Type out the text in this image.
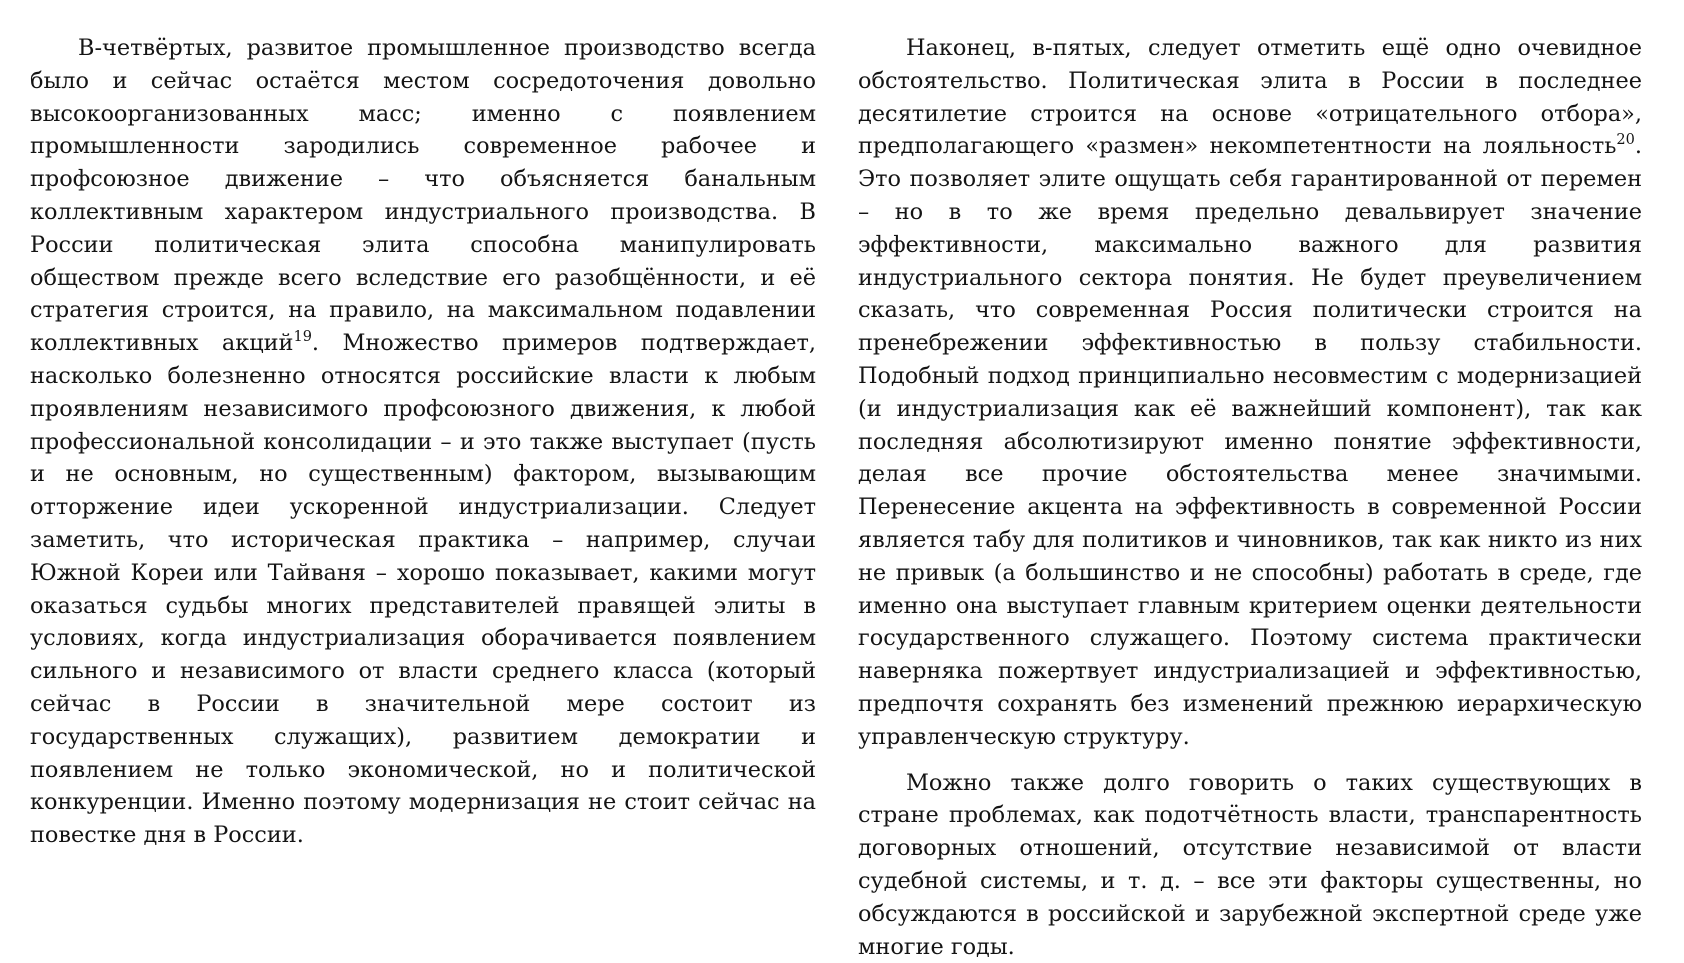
В-четвёртых, развитое промышленное производство всегда было и сейчас остаётся местом сосредоточения довольно высокоорганизованных масс; именно с появлением промышленности зародились современное рабочее и профсоюзное движение – что объясняется банальным коллективным характером индустриального производства. В России политическая элита способна манипулировать обществом прежде всего вследствие его разобщённости, и её стратегия строится, на правило, на максимальном подавлении коллективных акций$^{19}$. Множество примеров подтверждает, насколько болезненно относятся российские власти к любым проявлениям независимого профсоюзного движения, к любой профессиональной консолидации – и это также выступает (пусть и не основным, но существенным) фактором, вызывающим отторжение идеи ускоренной индустриализации. Следует заметить, что историческая практика – например, случаи Южной Кореи или Тайваня – хорошо показывает, какими могут оказаться судьбы многих представителей правящей элиты в условиях, когда индустриализация оборачивается появлением сильного и независимого от власти среднего класса (который сейчас в России в значительной мере состоит из государственных служащих), развитием демократии и появлением не только экономической, но и политической конкуренции. Именно поэтому модернизация не стоит сейчас на повестке дня в России.

Наконец, в-пятых, следует отметить ещё одно очевидное обстоятельство. Политическая элита в России в последнее десятилетие строится на основе «отрицательного отбора», предполагающего «размен» некомпетентности на лояльность$^{20}$. Это позволяет элите ощущать себя гарантированной от перемен – но в то же время предельно девальвирует значение эффективности, максимально важного для развития индустриального сектора понятия. Не будет преувеличением сказать, что современная Россия политически строится на пренебрежении эффективностью в пользу стабильности. Подобный подход принципиально несовместим с модернизацией (и индустриализация как её важнейший компонент), так как последняя абсолютизируют именно понятие эффективности, делая все прочие обстоятельства менее значимыми. Перенесение акцента на эффективность в современной России является табу для политиков и чиновников, так как никто из них не привык (а большинство и не способны) работать в среде, где именно она выступает главным критерием оценки деятельности государственного служащего. Поэтому система практически наверняка пожертвует индустриализацией и эффективностью, предпочтя сохранять без изменений прежнюю иерархическую управленческую структуру.

Можно также долго говорить о таких существующих в стране проблемах, как подотчётность власти, транспарентность договорных отношений, отсутствие независимой от власти судебной системы, и т. д. – все эти факторы существенны, но обсуждаются в российской и зарубежной экспертной среде уже многие годы.
